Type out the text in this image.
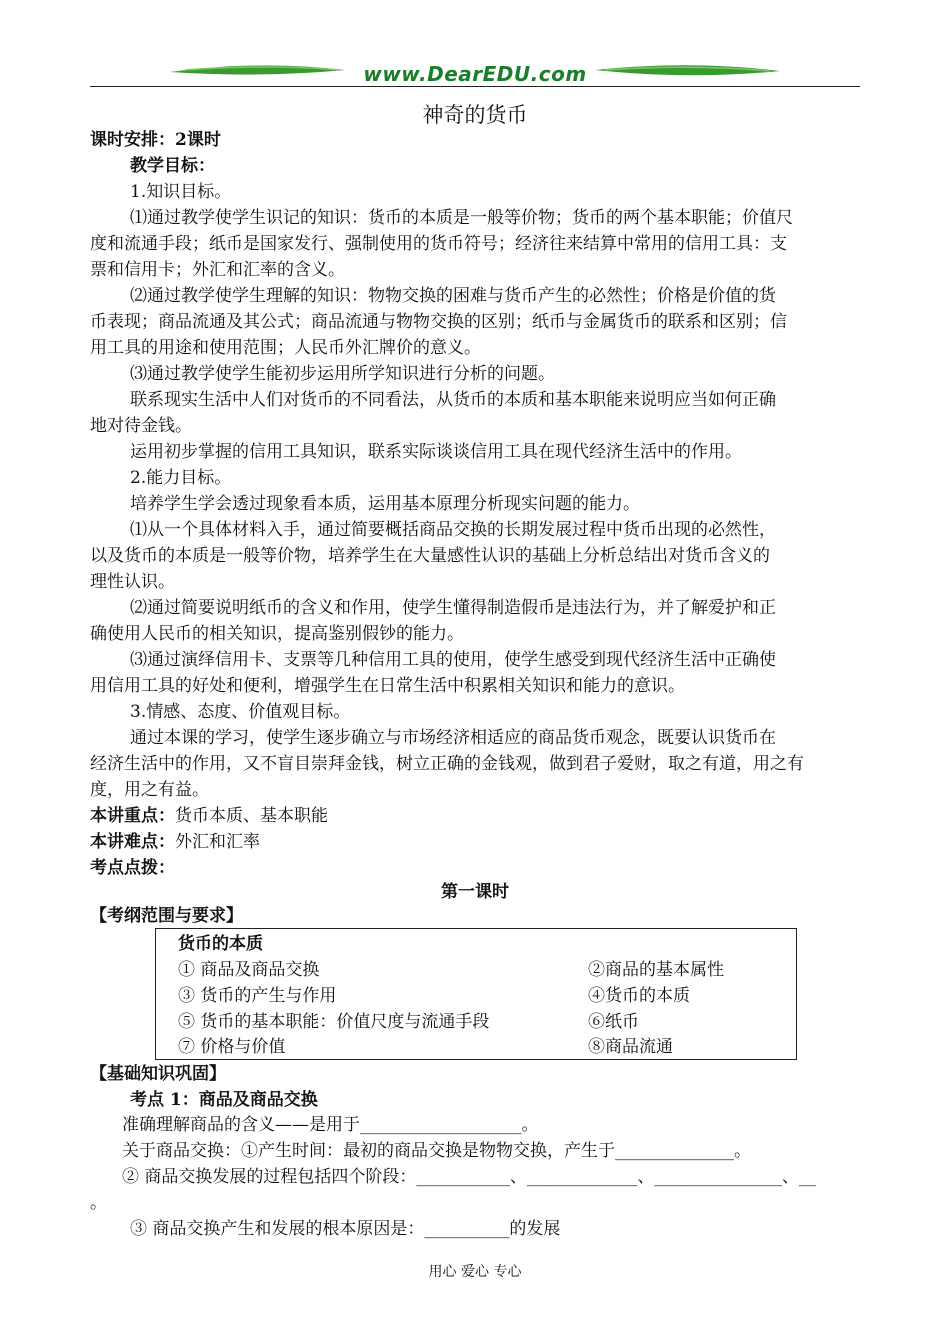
www.DearEDU.com
神奇的货币
课时安排：2课时
教学目标：
1.知识目标。
⑴通过教学使学生识记的知识：货币的本质是一般等价物；货币的两个基本职能；价值尺
度和流通手段；纸币是国家发行、强制使用的货币符号；经济往来结算中常用的信用工具：支
票和信用卡；外汇和汇率的含义。
⑵通过教学使学生理解的知识：物物交换的困难与货币产生的必然性；价格是价值的货
币表现；商品流通及其公式；商品流通与物物交换的区别；纸币与金属货币的联系和区别；信
用工具的用途和使用范围；人民币外汇牌价的意义。
⑶通过教学使学生能初步运用所学知识进行分析的问题。
联系现实生活中人们对货币的不同看法，从货币的本质和基本职能来说明应当如何正确
地对待金钱。
运用初步掌握的信用工具知识，联系实际谈谈信用工具在现代经济生活中的作用。
2.能力目标。
培养学生学会透过现象看本质，运用基本原理分析现实问题的能力。
⑴从一个具体材料入手，通过简要概括商品交换的长期发展过程中货币出现的必然性，
以及货币的本质是一般等价物，培养学生在大量感性认识的基础上分析总结出对货币含义的
理性认识。
⑵通过简要说明纸币的含义和作用，使学生懂得制造假币是违法行为，并了解爱护和正
确使用人民币的相关知识，提高鉴别假钞的能力。
⑶通过演绎信用卡、支票等几种信用工具的使用，使学生感受到现代经济生活中正确使
用信用工具的好处和便利，增强学生在日常生活中积累相关知识和能力的意识。
3.情感、态度、价值观目标。
通过本课的学习，使学生逐步确立与市场经济相适应的商品货币观念，既要认识货币在
经济生活中的作用，又不盲目崇拜金钱，树立正确的金钱观，做到君子爱财，取之有道，用之有
度，用之有益。
本讲重点：货币本质、基本职能
本讲难点：外汇和汇率
考点点拨：
第一课时
【考纲范围与要求】
货币的本质
① 商品及商品交换	②商品的基本属性
③ 货币的产生与作用	④货币的本质
⑤ 货币的基本职能：价值尺度与流通手段	⑥纸币
⑦ 价格与价值	⑧商品流通
【基础知识巩固】
考点 1：商品及商品交换
准确理解商品的含义——是用于___________________。
关于商品交换：①产生时间：最初的商品交换是物物交换，产生于______________。
② 商品交换发展的过程包括四个阶段：___________、_____________、_______________、__
。
③ 商品交换产生和发展的根本原因是：__________的发展
用心 爱心 专心
